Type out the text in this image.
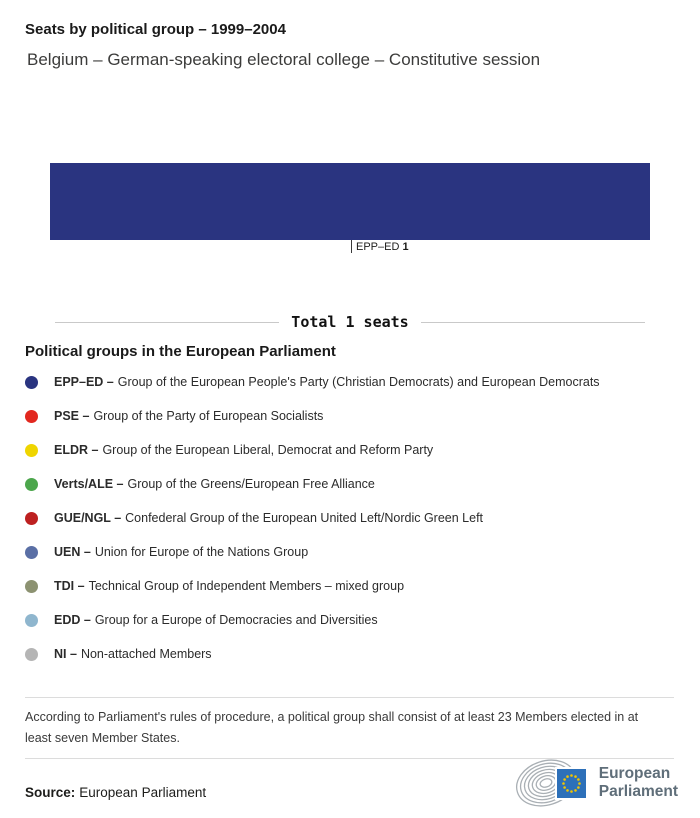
Seats by political group – 1999–2004
Belgium – German-speaking electoral college – Constitutive session
EPP–ED 1
Total 1 seats
Political groups in the European Parliament
EPP–ED – Group of the European People's Party (Christian Democrats) and European Democrats
PSE – Group of the Party of European Socialists
ELDR – Group of the European Liberal, Democrat and Reform Party
Verts/ALE – Group of the Greens/European Free Alliance
GUE/NGL – Confederal Group of the European United Left/Nordic Green Left
UEN – Union for Europe of the Nations Group
TDI – Technical Group of Independent Members – mixed group
EDD – Group for a Europe of Democracies and Diversities
NI – Non-attached Members
According to Parliament's rules of procedure, a political group shall consist of at least 23 Members elected in at least seven Member States.
Source: European Parliament
European
Parliament
